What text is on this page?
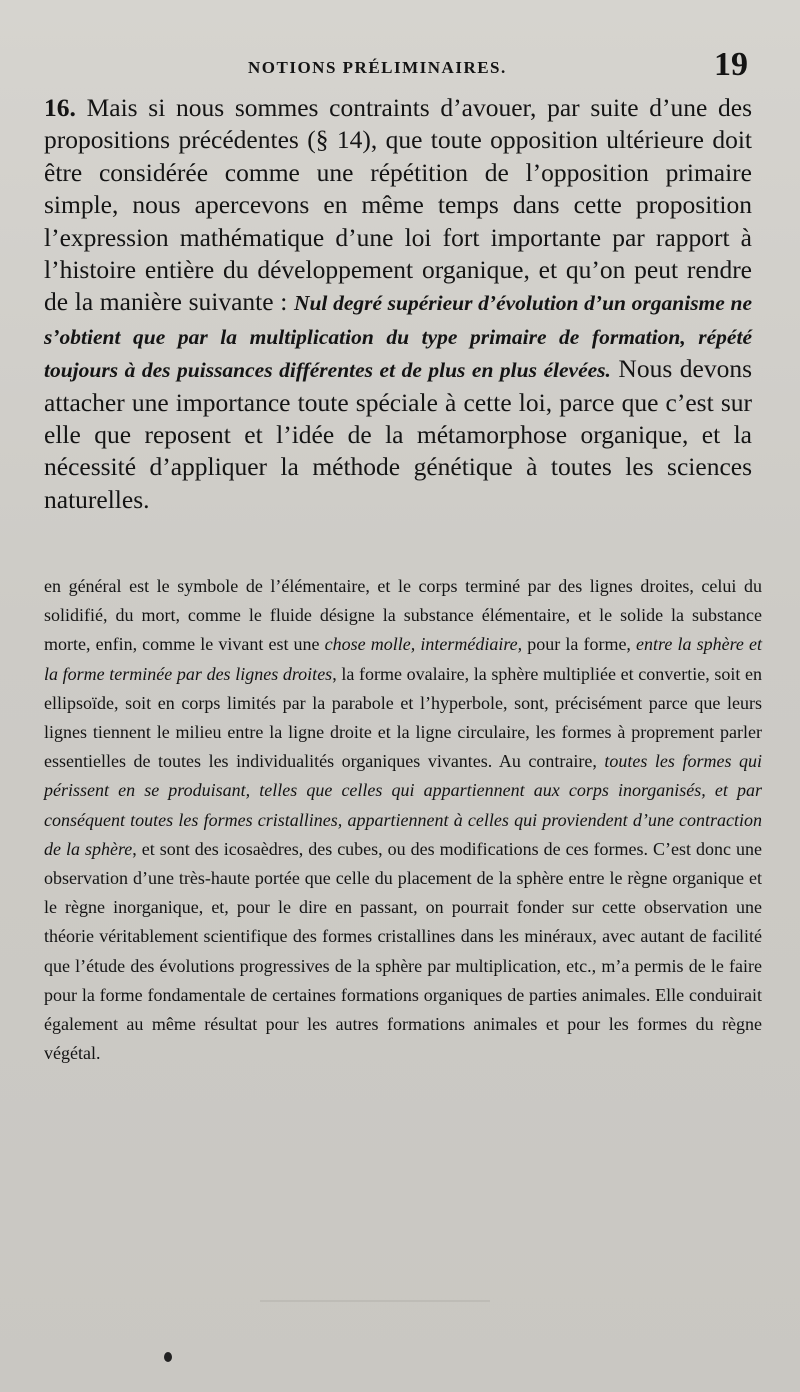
NOTIONS PRÉLIMINAIRES.	19
16. Mais si nous sommes contraints d’avouer, par suite d’une des propositions précédentes (§ 14), que toute opposition ultérieure doit être considérée comme une répétition de l’opposition primaire simple, nous apercevons en même temps dans cette proposition l’expression mathématique d’une loi fort importante par rapport à l’histoire entière du développement organique, et qu’on peut rendre de la manière suivante : Nul degré supérieur d’évolution d’un organisme ne s’obtient que par la multiplication du type primaire de formation, répété toujours à des puissances différentes et de plus en plus élevées. Nous devons attacher une importance toute spéciale à cette loi, parce que c’est sur elle que reposent et l’idée de la métamorphose organique, et la nécessité d’appliquer la méthode génétique à toutes les sciences naturelles.
en général est le symbole de l’élémentaire, et le corps terminé par des lignes droites, celui du solidifié, du mort, comme le fluide désigne la substance élémentaire, et le solide la substance morte, enfin, comme le vivant est une chose molle, intermédiaire, pour la forme, entre la sphère et la forme terminée par des lignes droites, la forme ovalaire, la sphère multipliée et convertie, soit en ellipsoïde, soit en corps limités par la parabole et l’hyperbole, sont, précisément parce que leurs lignes tiennent le milieu entre la ligne droite et la ligne circulaire, les formes à proprement parler essentielles de toutes les individualités organiques vivantes. Au contraire, toutes les formes qui périssent en se produisant, telles que celles qui appartiennent aux corps inorganisés, et par conséquent toutes les formes cristallines, appartiennent à celles qui proviendent d’une contraction de la sphère, et sont des icosaèdres, des cubes, ou des modifications de ces formes. C’est donc une observation d’une très-haute portée que celle du placement de la sphère entre le règne organique et le règne inorganique, et, pour le dire en passant, on pourrait fonder sur cette observation une théorie véritablement scientifique des formes cristallines dans les minéraux, avec autant de facilité que l’étude des évolutions progressives de la sphère par multiplication, etc., m’a permis de le faire pour la forme fondamentale de certaines formations organiques de parties animales. Elle conduirait également au même résultat pour les autres formations animales et pour les formes du règne végétal.
